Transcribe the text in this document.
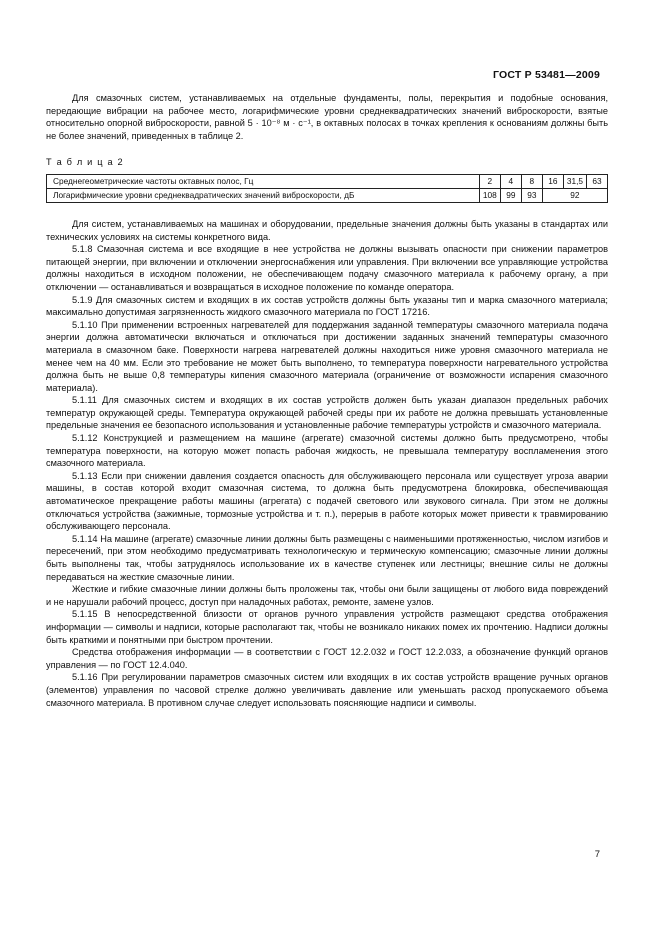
ГОСТ Р 53481—2009

Для смазочных систем, устанавливаемых на отдельные фундаменты, полы, перекрытия и подобные основания, передающие вибрации на рабочее место, логарифмические уровни среднеквадратических значений виброскорости, взятые относительно опорной виброскорости, равной 5 · 10⁻⁸ м · с⁻¹, в октавных полосах в точках крепления к основаниям должны быть не более значений, приведенных в таблице 2.

Т а б л и ц а 2
Среднегеометрические частоты октавных полос, Гц	2	4	8	16	31,5	63
Логарифмические уровни среднеквадратических значений виброскорости, дБ	108	99	93	92		

Для систем, устанавливаемых на машинах и оборудовании, предельные значения должны быть указаны в стандартах или технических условиях на системы конкретного вида.

5.1.8 Смазочная система и все входящие в нее устройства не должны вызывать опасности при снижении параметров питающей энергии, при включении и отключении энергоснабжения или управления. При включении все управляющие устройства должны находиться в исходном положении, не обеспечивающем подачу смазочного материала к рабочему органу, а при отключении — останавливаться и возвращаться в исходное положение по команде оператора.

5.1.9 Для смазочных систем и входящих в их состав устройств должны быть указаны тип и марка смазочного материала; максимально допустимая загрязненность жидкого смазочного материала по ГОСТ 17216.

5.1.10 При применении встроенных нагревателей для поддержания заданной температуры смазочного материала подача энергии должна автоматически включаться и отключаться при достижении заданных значений температуры смазочного материала в смазочном баке. Поверхности нагрева нагревателей должны находиться ниже уровня смазочного материала не менее чем на 40 мм. Если это требование не может быть выполнено, то температура поверхности нагревательного устройства должна быть не выше 0,8 температуры кипения смазочного материала (ограничение от возможности испарения смазочного материала).

5.1.11 Для смазочных систем и входящих в их состав устройств должен быть указан диапазон предельных рабочих температур окружающей среды. Температура окружающей рабочей среды при их работе не должна превышать установленные предельные значения ее безопасного использования и установленные рабочие температуры устройств и смазочного материала.

5.1.12 Конструкцией и размещением на машине (агрегате) смазочной системы должно быть предусмотрено, чтобы температура поверхности, на которую может попасть рабочая жидкость, не превышала температуру воспламенения этого смазочного материала.

5.1.13 Если при снижении давления создается опасность для обслуживающего персонала или существует угроза аварии машины, в состав которой входит смазочная система, то должна быть предусмотрена блокировка, обеспечивающая автоматическое прекращение работы машины (агрегата) с подачей светового или звукового сигнала. При этом не должны отключаться устройства (зажимные, тормозные устройства и т. п.), перерыв в работе которых может привести к травмированию обслуживающего персонала.

5.1.14 На машине (агрегате) смазочные линии должны быть размещены с наименьшими протяженностью, числом изгибов и пересечений, при этом необходимо предусматривать технологическую и термическую компенсацию; смазочные линии должны быть выполнены так, чтобы затруднялось использование их в качестве ступенек или лестницы; внешние силы не должны передаваться на жесткие смазочные линии.

Жесткие и гибкие смазочные линии должны быть проложены так, чтобы они были защищены от любого вида повреждений и не нарушали рабочий процесс, доступ при наладочных работах, ремонте, замене узлов.

5.1.15 В непосредственной близости от органов ручного управления устройств размещают средства отображения информации — символы и надписи, которые располагают так, чтобы не возникало никаких помех их прочтению. Надписи должны быть краткими и понятными при быстром прочтении.

Средства отображения информации — в соответствии с ГОСТ 12.2.032 и ГОСТ 12.2.033, а обозначение функций органов управления — по ГОСТ 12.4.040.

5.1.16 При регулировании параметров смазочных систем или входящих в их состав устройств вращение ручных органов (элементов) управления по часовой стрелке должно увеличивать давление или уменьшать расход пропускаемого объема смазочного материала. В противном случае следует использовать поясняющие надписи и символы.

7
